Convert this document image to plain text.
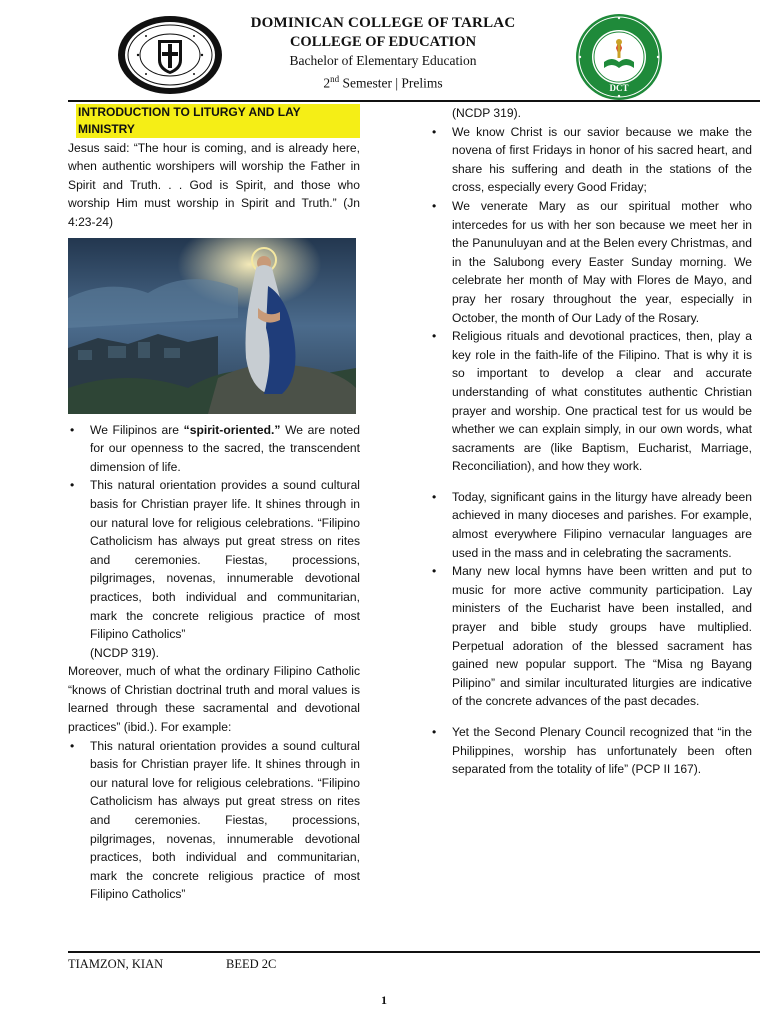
DOMINICAN COLLEGE OF TARLAC
COLLEGE OF EDUCATION
Bachelor of Elementary Education
2nd Semester | Prelims	DCT
INTRODUCTION TO LITURGY AND LAY MINISTRY

Jesus said: “The hour is coming, and is already here, when authentic worshipers will worship the Father in Spirit and Truth. . . God is Spirit, and those who worship Him must worship in Spirit and Truth.” (Jn 4:23-24)

• We Filipinos are “spirit-oriented.” We are noted for our openness to the sacred, the transcendent dimension of life.
• This natural orientation provides a sound cultural basis for Christian prayer life. It shines through in our natural love for religious celebrations. “Filipino Catholicism has always put great stress on rites and ceremonies. Fiestas, processions, pilgrimages, novenas, innumerable devotional practices, both individual and communitarian, mark the concrete religious practice of most Filipino Catholics”
(NCDP 319).

Moreover, much of what the ordinary Filipino Catholic “knows of Christian doctrinal truth and moral values is learned through these sacramental and devotional practices” (ibid.). For example:

• This natural orientation provides a sound cultural basis for Christian prayer life. It shines through in our natural love for religious celebrations. “Filipino Catholicism has always put great stress on rites and ceremonies. Fiestas, processions, pilgrimages, novenas, innumerable devotional practices, both individual and communitarian, mark the concrete religious practice of most Filipino Catholics”
(NCDP 319).
• We know Christ is our savior because we make the novena of first Fridays in honor of his sacred heart, and share his suffering and death in the stations of the cross, especially every Good Friday;
• We venerate Mary as our spiritual mother who intercedes for us with her son because we meet her in the Panunuluyan and at the Belen every Christmas, and in the Salubong every Easter Sunday morning. We celebrate her month of May with Flores de Mayo, and pray her rosary throughout the year, especially in October, the month of Our Lady of the Rosary.
• Religious rituals and devotional practices, then, play a key role in the faith-life of the Filipino. That is why it is so important to develop a clear and accurate understanding of what constitutes authentic Christian prayer and worship. One practical test for us would be whether we can explain simply, in our own words, what sacraments are (like Baptism, Eucharist, Marriage, Reconciliation), and how they work.
• Today, significant gains in the liturgy have already been achieved in many dioceses and parishes. For example, almost everywhere Filipino vernacular languages are used in the mass and in celebrating the sacraments.
• Many new local hymns have been written and put to music for more active community participation. Lay ministers of the Eucharist have been installed, and prayer and bible study groups have multiplied. Perpetual adoration of the blessed sacrament has gained new popular support. The “Misa ng Bayang Pilipino” and similar inculturated liturgies are indicative of the concrete advances of the past decades.
• Yet the Second Plenary Council recognized that “in the Philippines, worship has unfortunately been often separated from the totality of life” (PCP II 167).
TIAMZON, KIAN	BEED 2C
1
